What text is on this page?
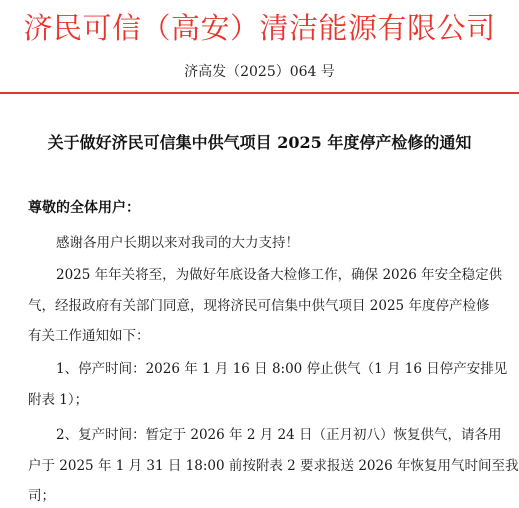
济民可信（高安）清洁能源有限公司
济高发（2025）064 号
关于做好济民可信集中供气项目 2025 年度停产检修的通知
尊敬的全体用户：
感谢各用户长期以来对我司的大力支持！
2025 年年关将至，为做好年底设备大检修工作，确保 2026 年安全稳定供
气，经报政府有关部门同意，现将济民可信集中供气项目 2025 年度停产检修
有关工作通知如下：
1、停产时间：2026 年 1 月 16 日 8:00 停止供气（1 月 16 日停产安排见
附表 1）；
2、复产时间：暂定于 2026 年 2 月 24 日（正月初八）恢复供气，请各用
户于 2025 年 1 月 31 日 18:00 前按附表 2 要求报送 2026 年恢复用气时间至我
司；
